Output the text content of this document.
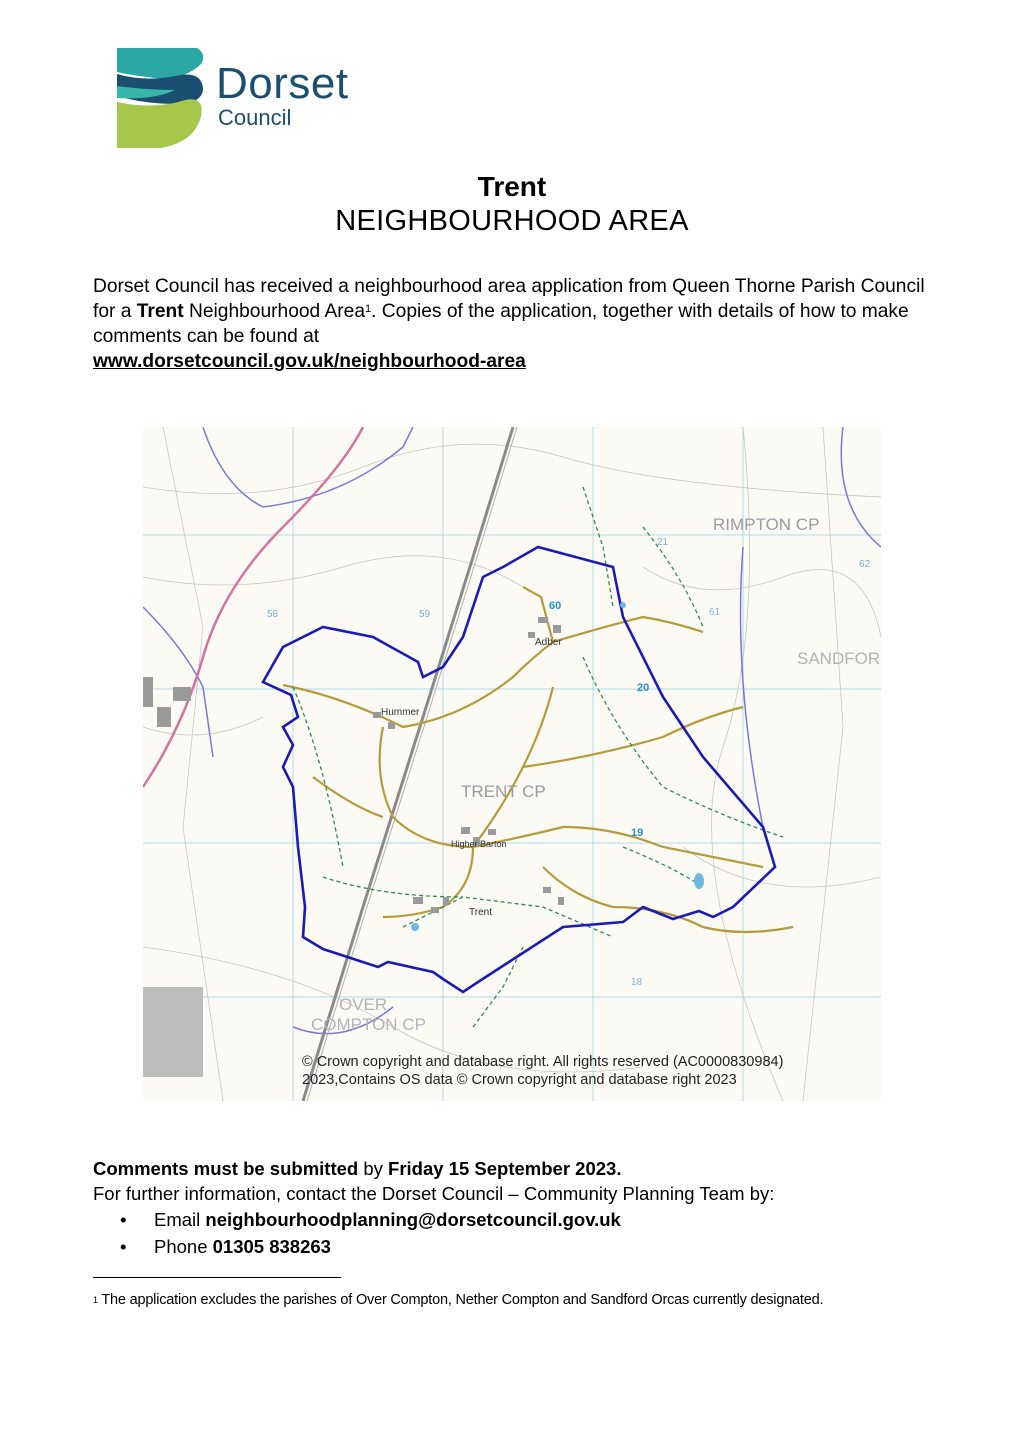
Dorset
Council
Trent
NEIGHBOURHOOD AREA
Dorset Council has received a neighbourhood area application from Queen Thorne Parish Council for a Trent Neighbourhood Area$^1$. Copies of the application, together with details of how to make comments can be found at
www.dorsetcouncil.gov.uk/neighbourhood-area
RIMPTON CP
TRENT CP
OVER
COMPTON CP
SANDFOR
Trent
Adber
Hummer
Higher Barton
60
20
19
58	59	61
62
21
18
© Crown copyright and database right. All rights reserved (AC0000830984)
2023,Contains OS data © Crown copyright and database right 2023
Comments must be submitted by Friday 15 September 2023.
For further information, contact the Dorset Council – Community Planning Team by:
• Email neighbourhoodplanning@dorsetcouncil.gov.uk
• Phone 01305 838263
$^1$ The application excludes the parishes of Over Compton, Nether Compton and Sandford Orcas currently designated.
